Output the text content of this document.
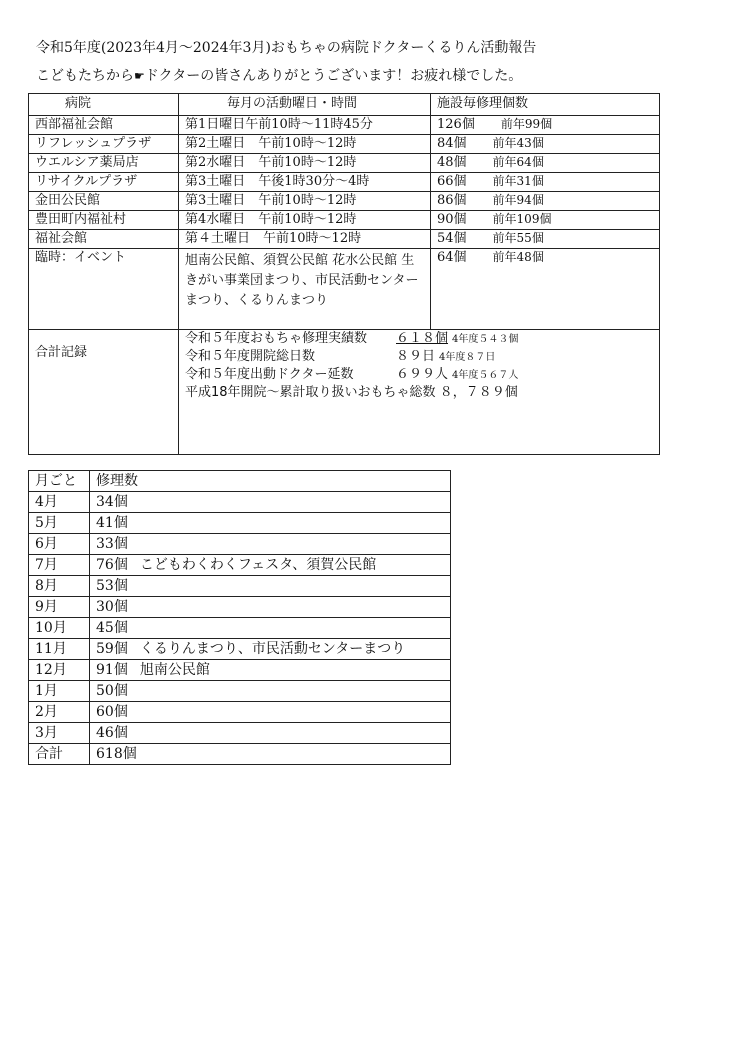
令和5年度(2023年4月～2024年3月)おもちゃの病院ドクターくるりん活動報告
こどもたちから☛ドクターの皆さんありがとうございます！お疲れ様でした。
病院	毎月の活動曜日・時間	施設毎修理個数
西部福祉会館	第1日曜日午前10時～11時45分	126個 前年99個
リフレッシュプラザ	第2土曜日　午前10時～12時	84個 前年43個
ウエルシア薬局店	第2水曜日　午前10時～12時	48個 前年64個
リサイクルプラザ	第3土曜日　午後1時30分～4時	66個 前年31個
金田公民館	第3土曜日　午前10時～12時	86個 前年94個
豊田町内福祉村	第4水曜日　午前10時～12時	90個 前年109個
福祉会館	第４土曜日　午前10時～12時	54個 前年55個
臨時：イベント	旭南公民館、須賀公民館 花水公民館 生きがい事業団まつり、市民活動センターまつり、くるりんまつり	64個 前年48個
合計記録	令和５年度おもちゃ修理実績数 ６１８個 4年度５４３個
令和５年度開院総日数 ８９日 4年度８７日
令和５年度出動ドクター延数 ６９９人 4年度５６７人
平成18年開院～累計取り扱いおもちゃ総数 ８，７８９個	
月ごと	修理数
4月	34個
5月	41個
6月	33個
7月	76個 こどもわくわくフェスタ、須賀公民館
8月	53個
9月	30個
10月	45個
11月	59個 くるりんまつり、市民活動センターまつり
12月	91個 旭南公民館
1月	50個
2月	60個
3月	46個
合計	618個
